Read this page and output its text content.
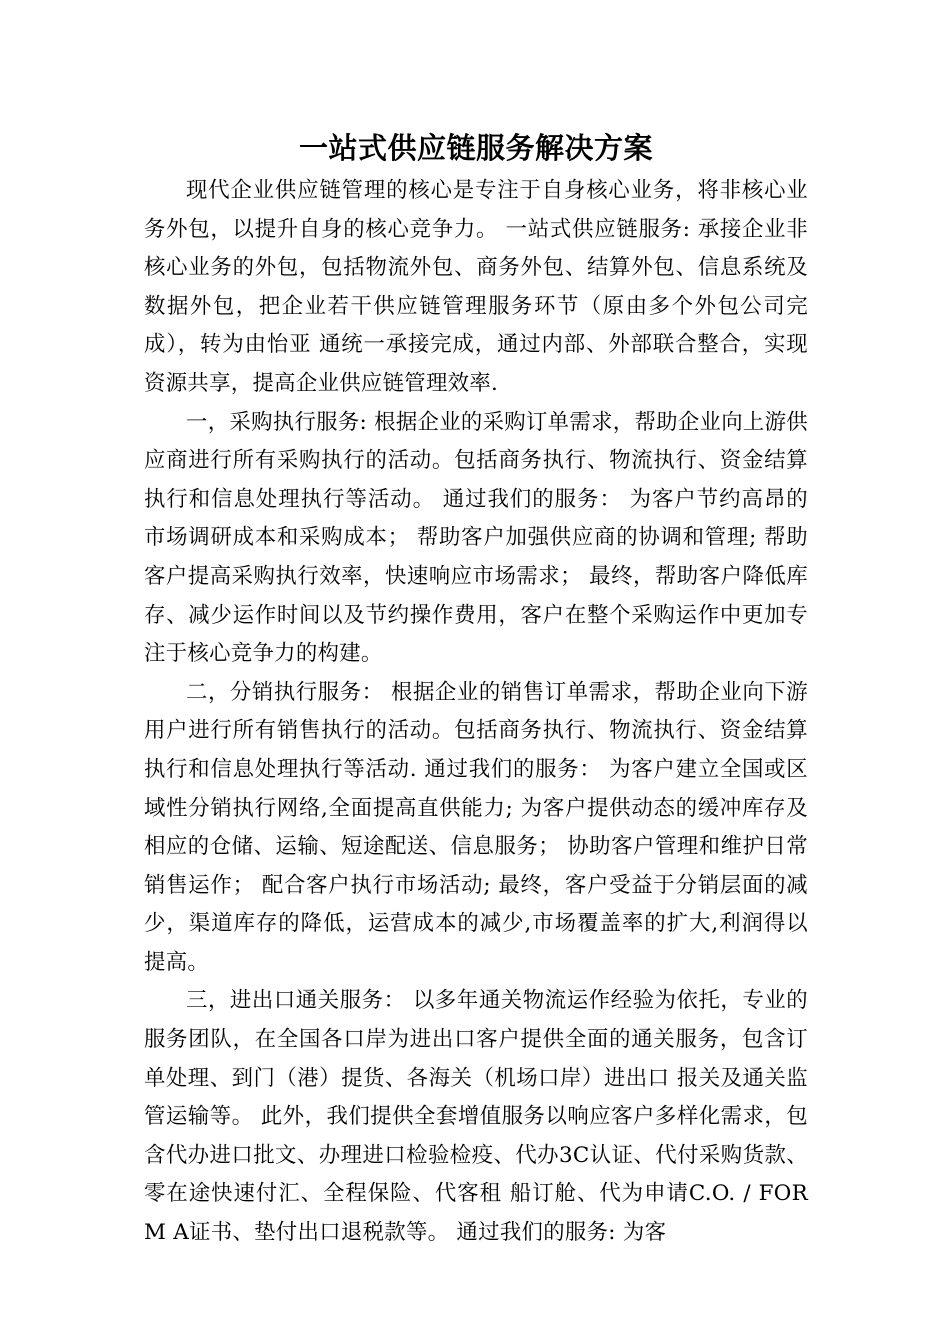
一站式供应链服务解决方案

现代企业供应链管理的核心是专注于自身核心业务，将非核心业务外包，以提升自身的核心竞争力。 一站式供应链服务: 承接企业非核心业务的外包，包括物流外包、商务外包、结算外包、信息系统及数据外包，把企业若干供应链管理服务环节（原由多个外包公司完成），转为由怡亚 通统一承接完成，通过内部、外部联合整合，实现资源共享，提高企业供应链管理效率.

一，采购执行服务: 根据企业的采购订单需求，帮助企业向上游供应商进行所有采购执行的活动。包括商务执行、物流执行、资金结算执行和信息处理执行等活动。 通过我们的服务： 为客户节约高昂的市场调研成本和采购成本； 帮助客户加强供应商的协调和管理; 帮助客户提高采购执行效率，快速响应市场需求； 最终，帮助客户降低库存、减少运作时间以及节约操作费用，客户在整个采购运作中更加专注于核心竞争力的构建。

二，分销执行服务： 根据企业的销售订单需求，帮助企业向下游用户进行所有销售执行的活动。包括商务执行、物流执行、资金结算执行和信息处理执行等活动. 通过我们的服务： 为客户建立全国或区域性分销执行网络,全面提高直供能力; 为客户提供动态的缓冲库存及相应的仓储、运输、短途配送、信息服务； 协助客户管理和维护日常销售运作； 配合客户执行市场活动; 最终，客户受益于分销层面的减少，渠道库存的降低，运营成本的减少,市场覆盖率的扩大,利润得以提高。

三，进出口通关服务： 以多年通关物流运作经验为依托，专业的服务团队，在全国各口岸为进出口客户提供全面的通关服务，包含订单处理、到门（港）提货、各海关（机场口岸）进出口 报关及通关监管运输等。 此外，我们提供全套增值服务以响应客户多样化需求，包含代办进口批文、办理进口检验检疫、代办3C认证、代付采购货款、零在途快速付汇、全程保险、代客租 船订舱、代为申请C.O. / FORM A证书、垫付出口退税款等。 通过我们的服务: 为客
